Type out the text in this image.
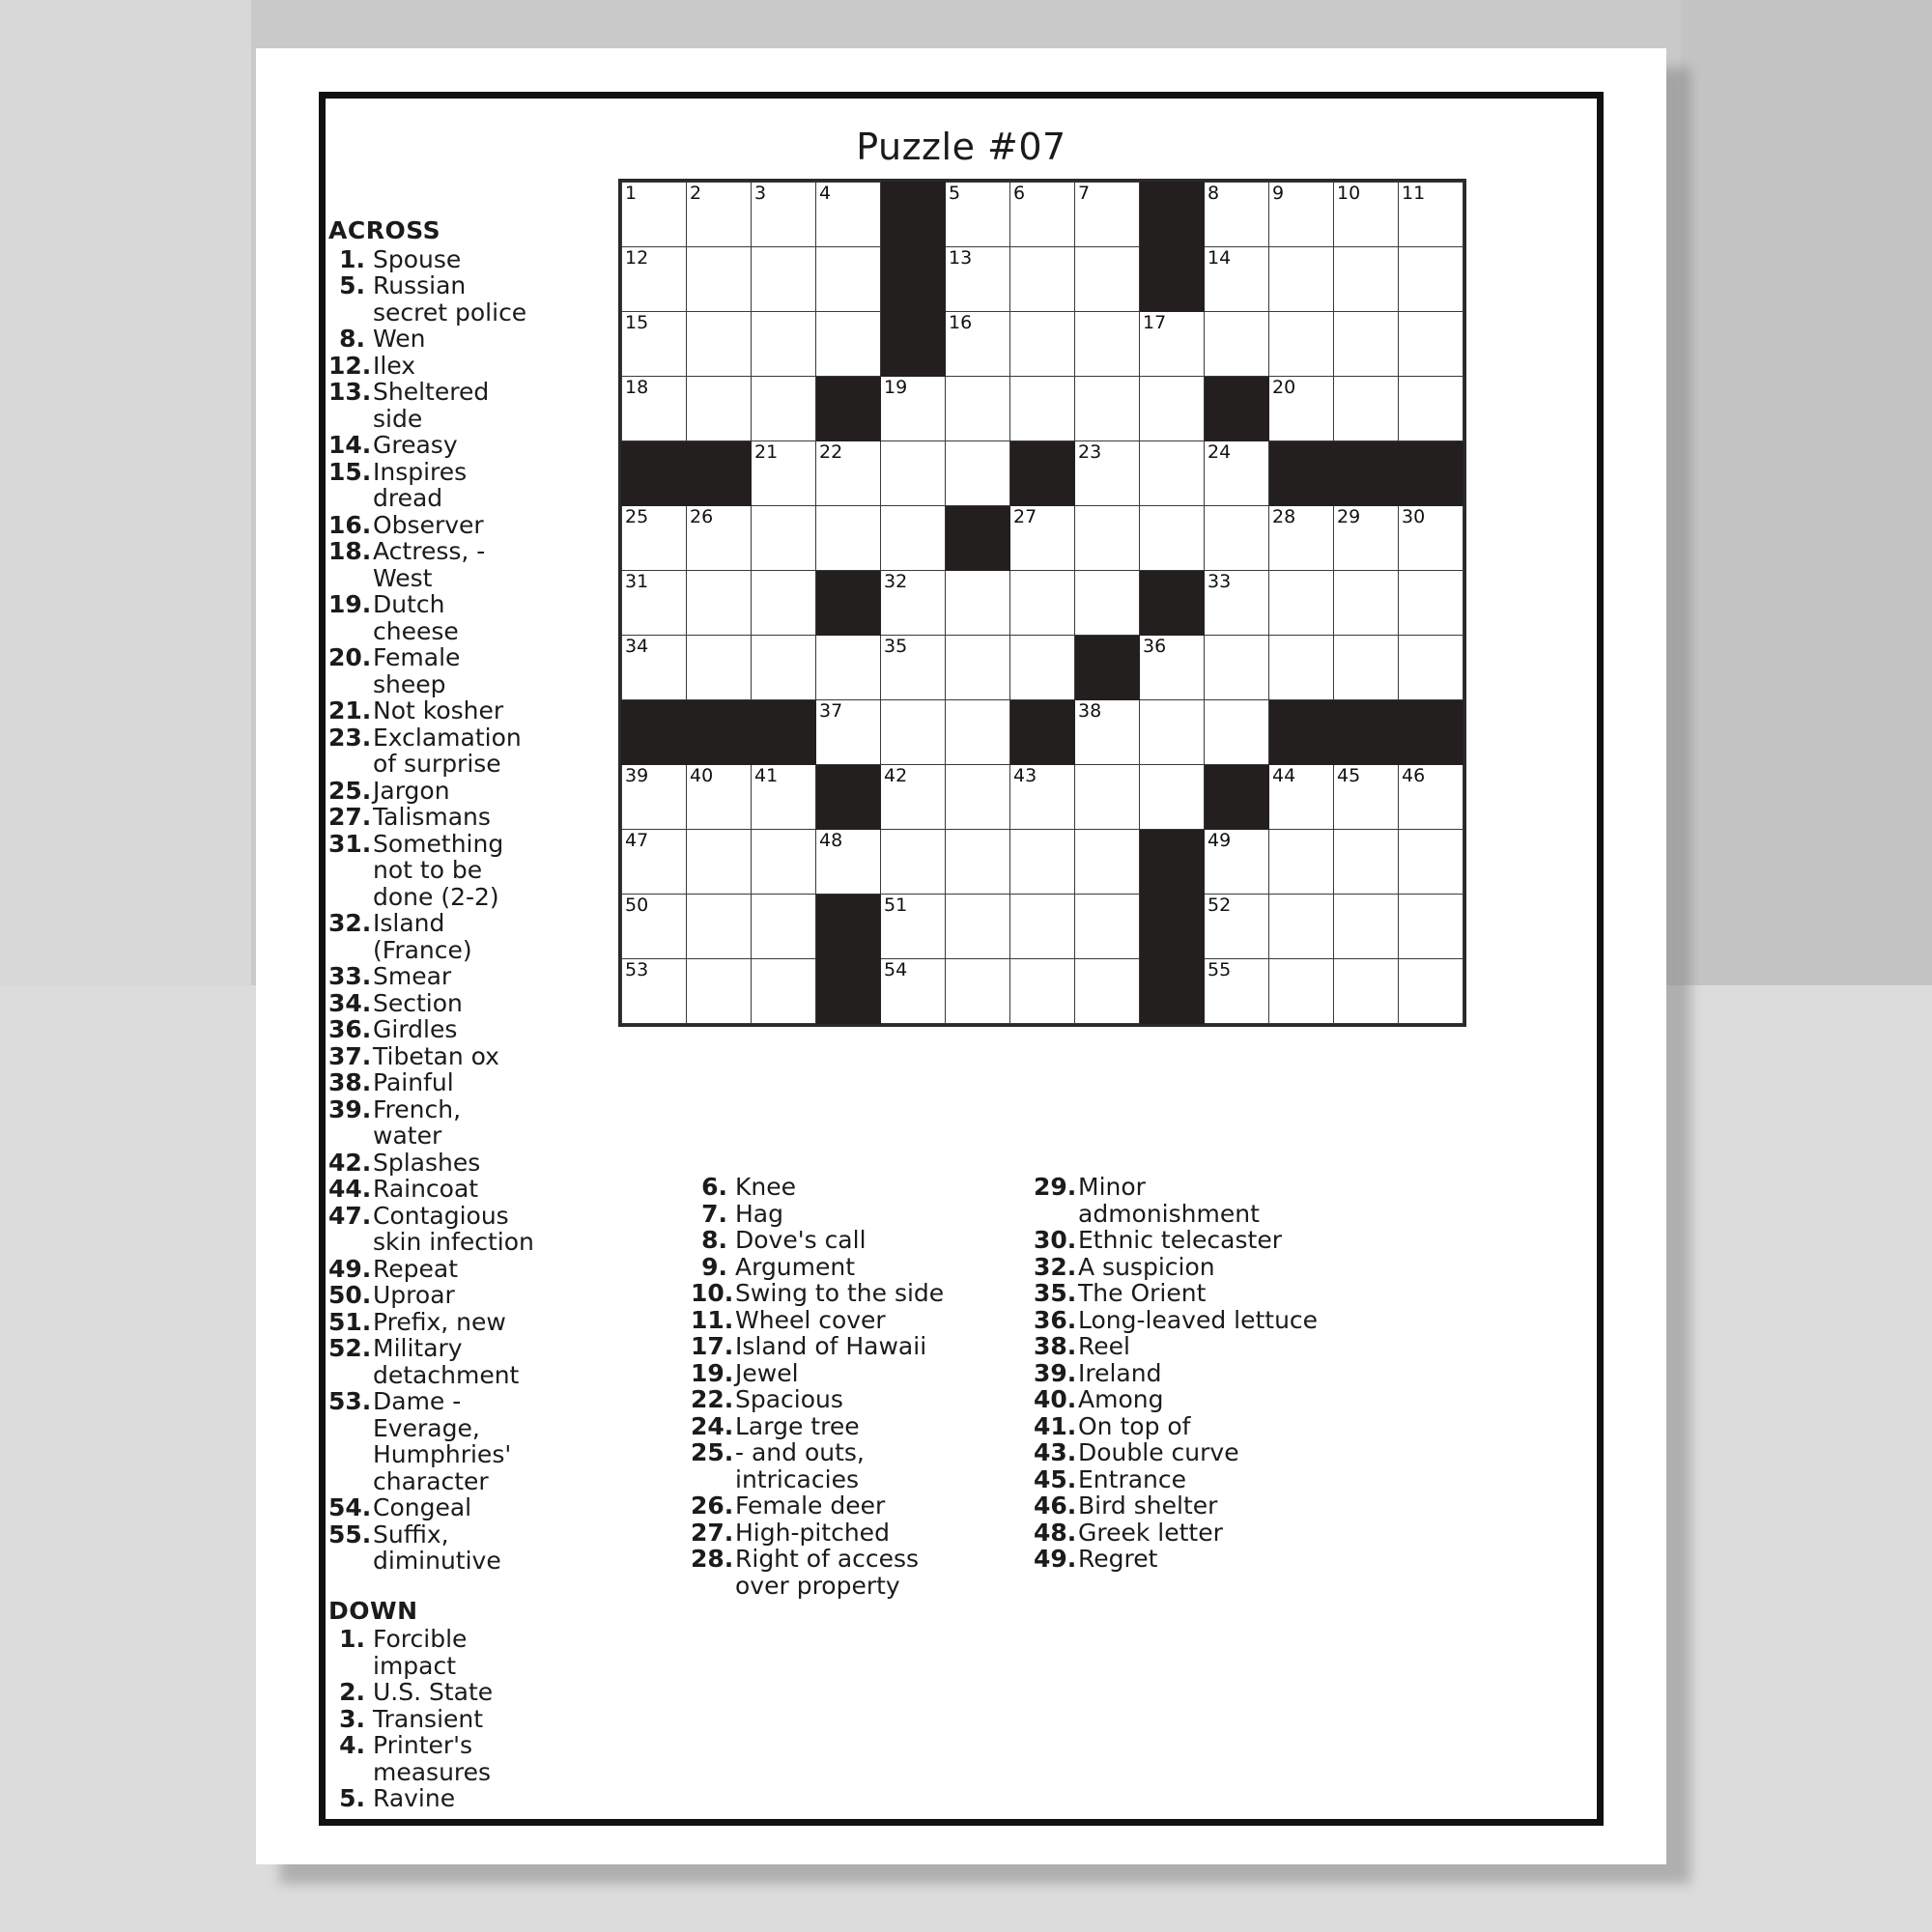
Puzzle #07
1	2	3	4		5	6	7		8	9	10	11

12					13				14			

15					16			17				

18				19						20		

		21	22				23		24			

25	26					27				28	29	30

31				32					33			

34				35				36				

			37				38					

39	40	41		42		43				44	45	46

47			48						49			

50				51					52			

53				54					55			

ACROSS
1. Spouse
5. Russian secret police
8. Wen
12. Ilex
13. Sheltered side
14. Greasy
15. Inspires dread
16. Observer
18. Actress, - West
19. Dutch cheese
20. Female sheep
21. Not kosher
23. Exclamation of surprise
25. Jargon
27. Talismans
31. Something not to be done (2-2)
32. Island (France)
33. Smear
34. Section
36. Girdles
37. Tibetan ox
38. Painful
39. French, water
42. Splashes
44. Raincoat
47. Contagious skin infection
49. Repeat
50. Uproar
51. Prefix, new
52. Military detachment
53. Dame - Everage, Humphries' character
54. Congeal
55. Suffix, diminutive
DOWN
1. Forcible impact
2. U.S. State
3. Transient
4. Printer's measures
5. Ravine
6. Knee
7. Hag
8. Dove's call
9. Argument
10. Swing to the side
11. Wheel cover
17. Island of Hawaii
19. Jewel
22. Spacious
24. Large tree
25. - and outs, intricacies
26. Female deer
27. High-pitched
28. Right of access over property
29. Minor admonishment
30. Ethnic telecaster
32. A suspicion
35. The Orient
36. Long-leaved lettuce
38. Reel
39. Ireland
40. Among
41. On top of
43. Double curve
45. Entrance
46. Bird shelter
48. Greek letter
49. Regret
